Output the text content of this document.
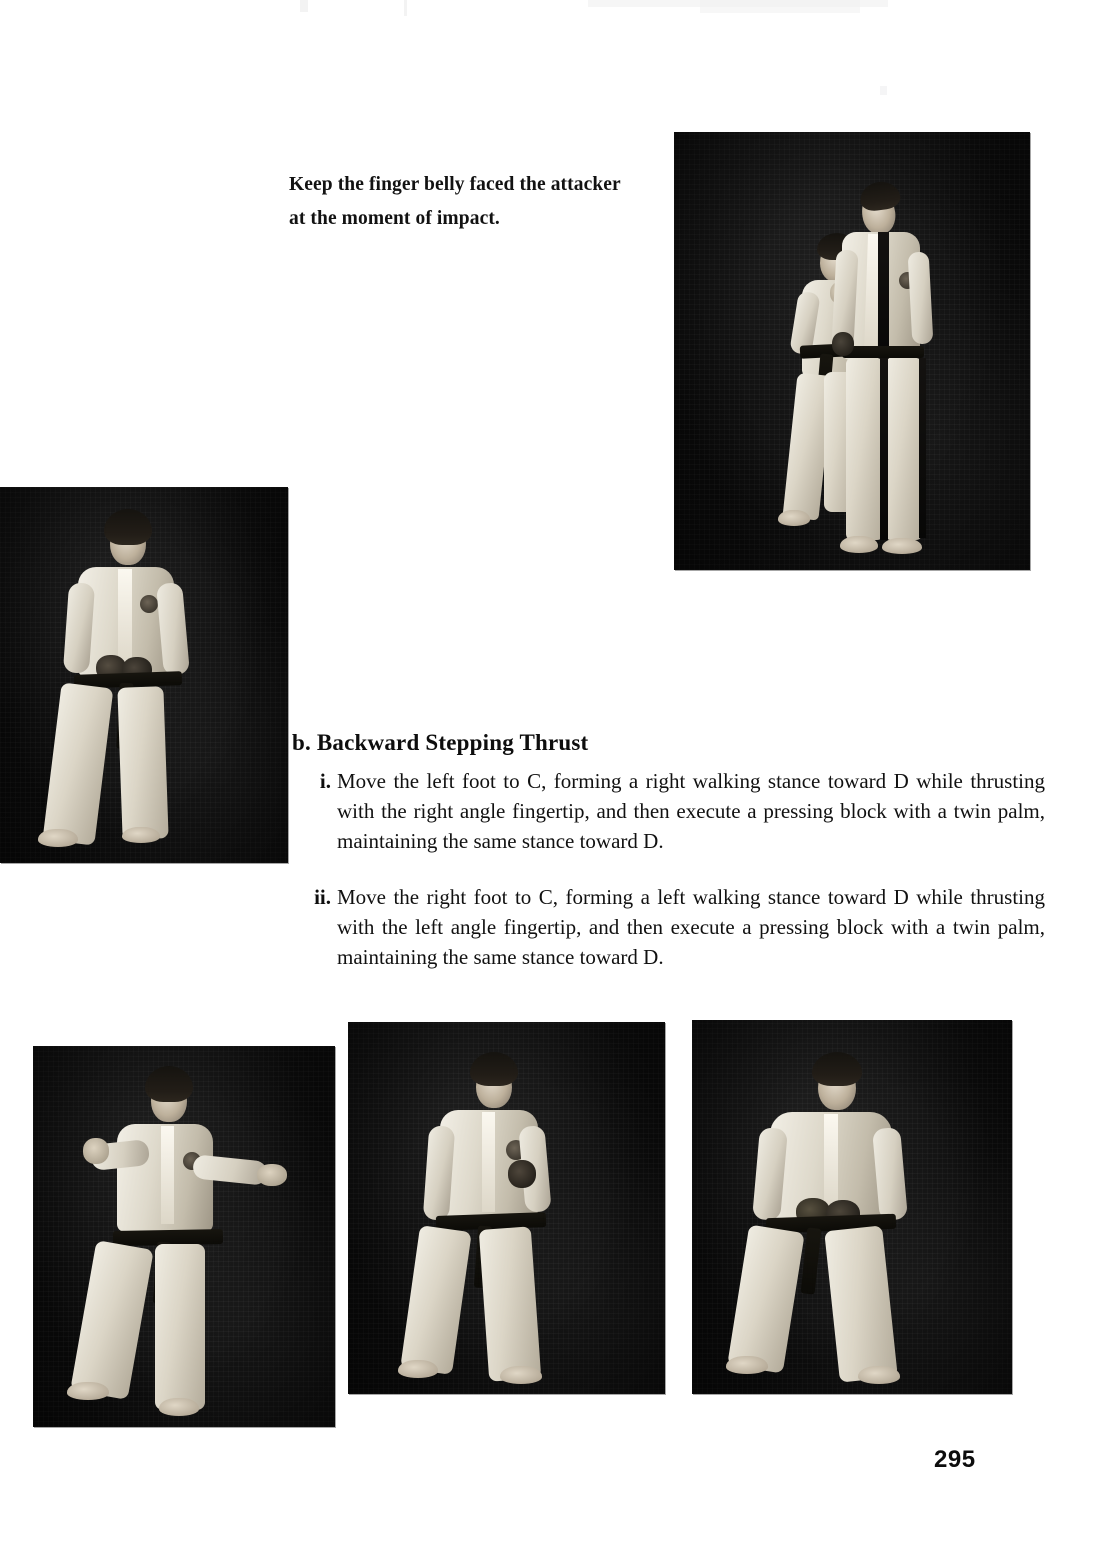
Keep the finger belly faced the attacker
at the moment of impact.
b. Backward Stepping Thrust
i. Move the left foot to C, forming a right walking stance toward D while thrusting with the right angle fingertip, and then execute a pressing block with a twin palm, maintaining the same stance toward D.
ii. Move the right foot to C, forming a left walking stance toward D while thrusting with the left angle fingertip, and then execute a pressing block with a twin palm, maintaining the same stance toward D.
295
